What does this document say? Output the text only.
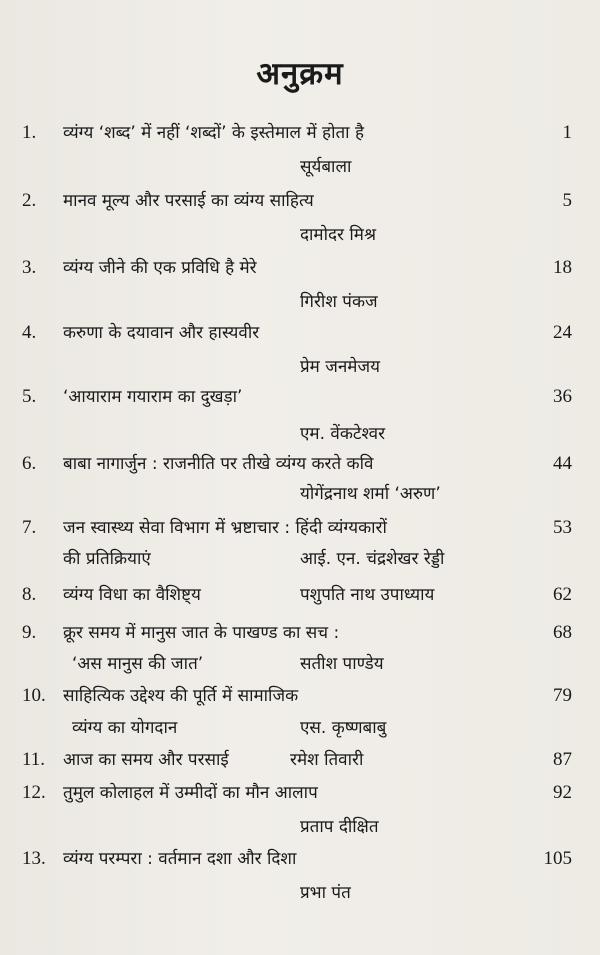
अनुक्रम
1. व्यंग्य ‘शब्द’ में नहीं ‘शब्दों’ के इस्तेमाल में होता है
सूर्यबाला
1
2. मानव मूल्य और परसाई का व्यंग्य साहित्य
दामोदर मिश्र
5
3. व्यंग्य जीने की एक प्रविधि है मेरे
गिरीश पंकज
18
4. करुणा के दयावान और हास्यवीर
प्रेम जनमेजय
24
5. ‘आयाराम गयाराम का दुखड़ा’
एम. वेंकटेश्वर
36
6. बाबा नागार्जुन : राजनीति पर तीखे व्यंग्य करते कवि
योगेंद्रनाथ शर्मा ‘अरुण’
44
7. जन स्वास्थ्य सेवा विभाग में भ्रष्टाचार : हिंदी व्यंग्यकारों
की प्रतिक्रियाएं	आई. एन. चंद्रशेखर रेड्डी
53
8. व्यंग्य विधा का वैशिष्ट्य	पशुपति नाथ उपाध्याय	62
9. क्रूर समय में मानुस जात के पाखण्ड का सच :
‘अस मानुस की जात’	सतीश पाण्डेय
68
10. साहित्यिक उद्देश्य की पूर्ति में सामाजिक
व्यंग्य का योगदान	एस. कृष्णबाबु
79
11. आज का समय और परसाई	रमेश तिवारी	87
12. तुमुल कोलाहल में उम्मीदों का मौन आलाप
प्रताप दीक्षित
92
13. व्यंग्य परम्परा : वर्तमान दशा और दिशा
प्रभा पंत
105
